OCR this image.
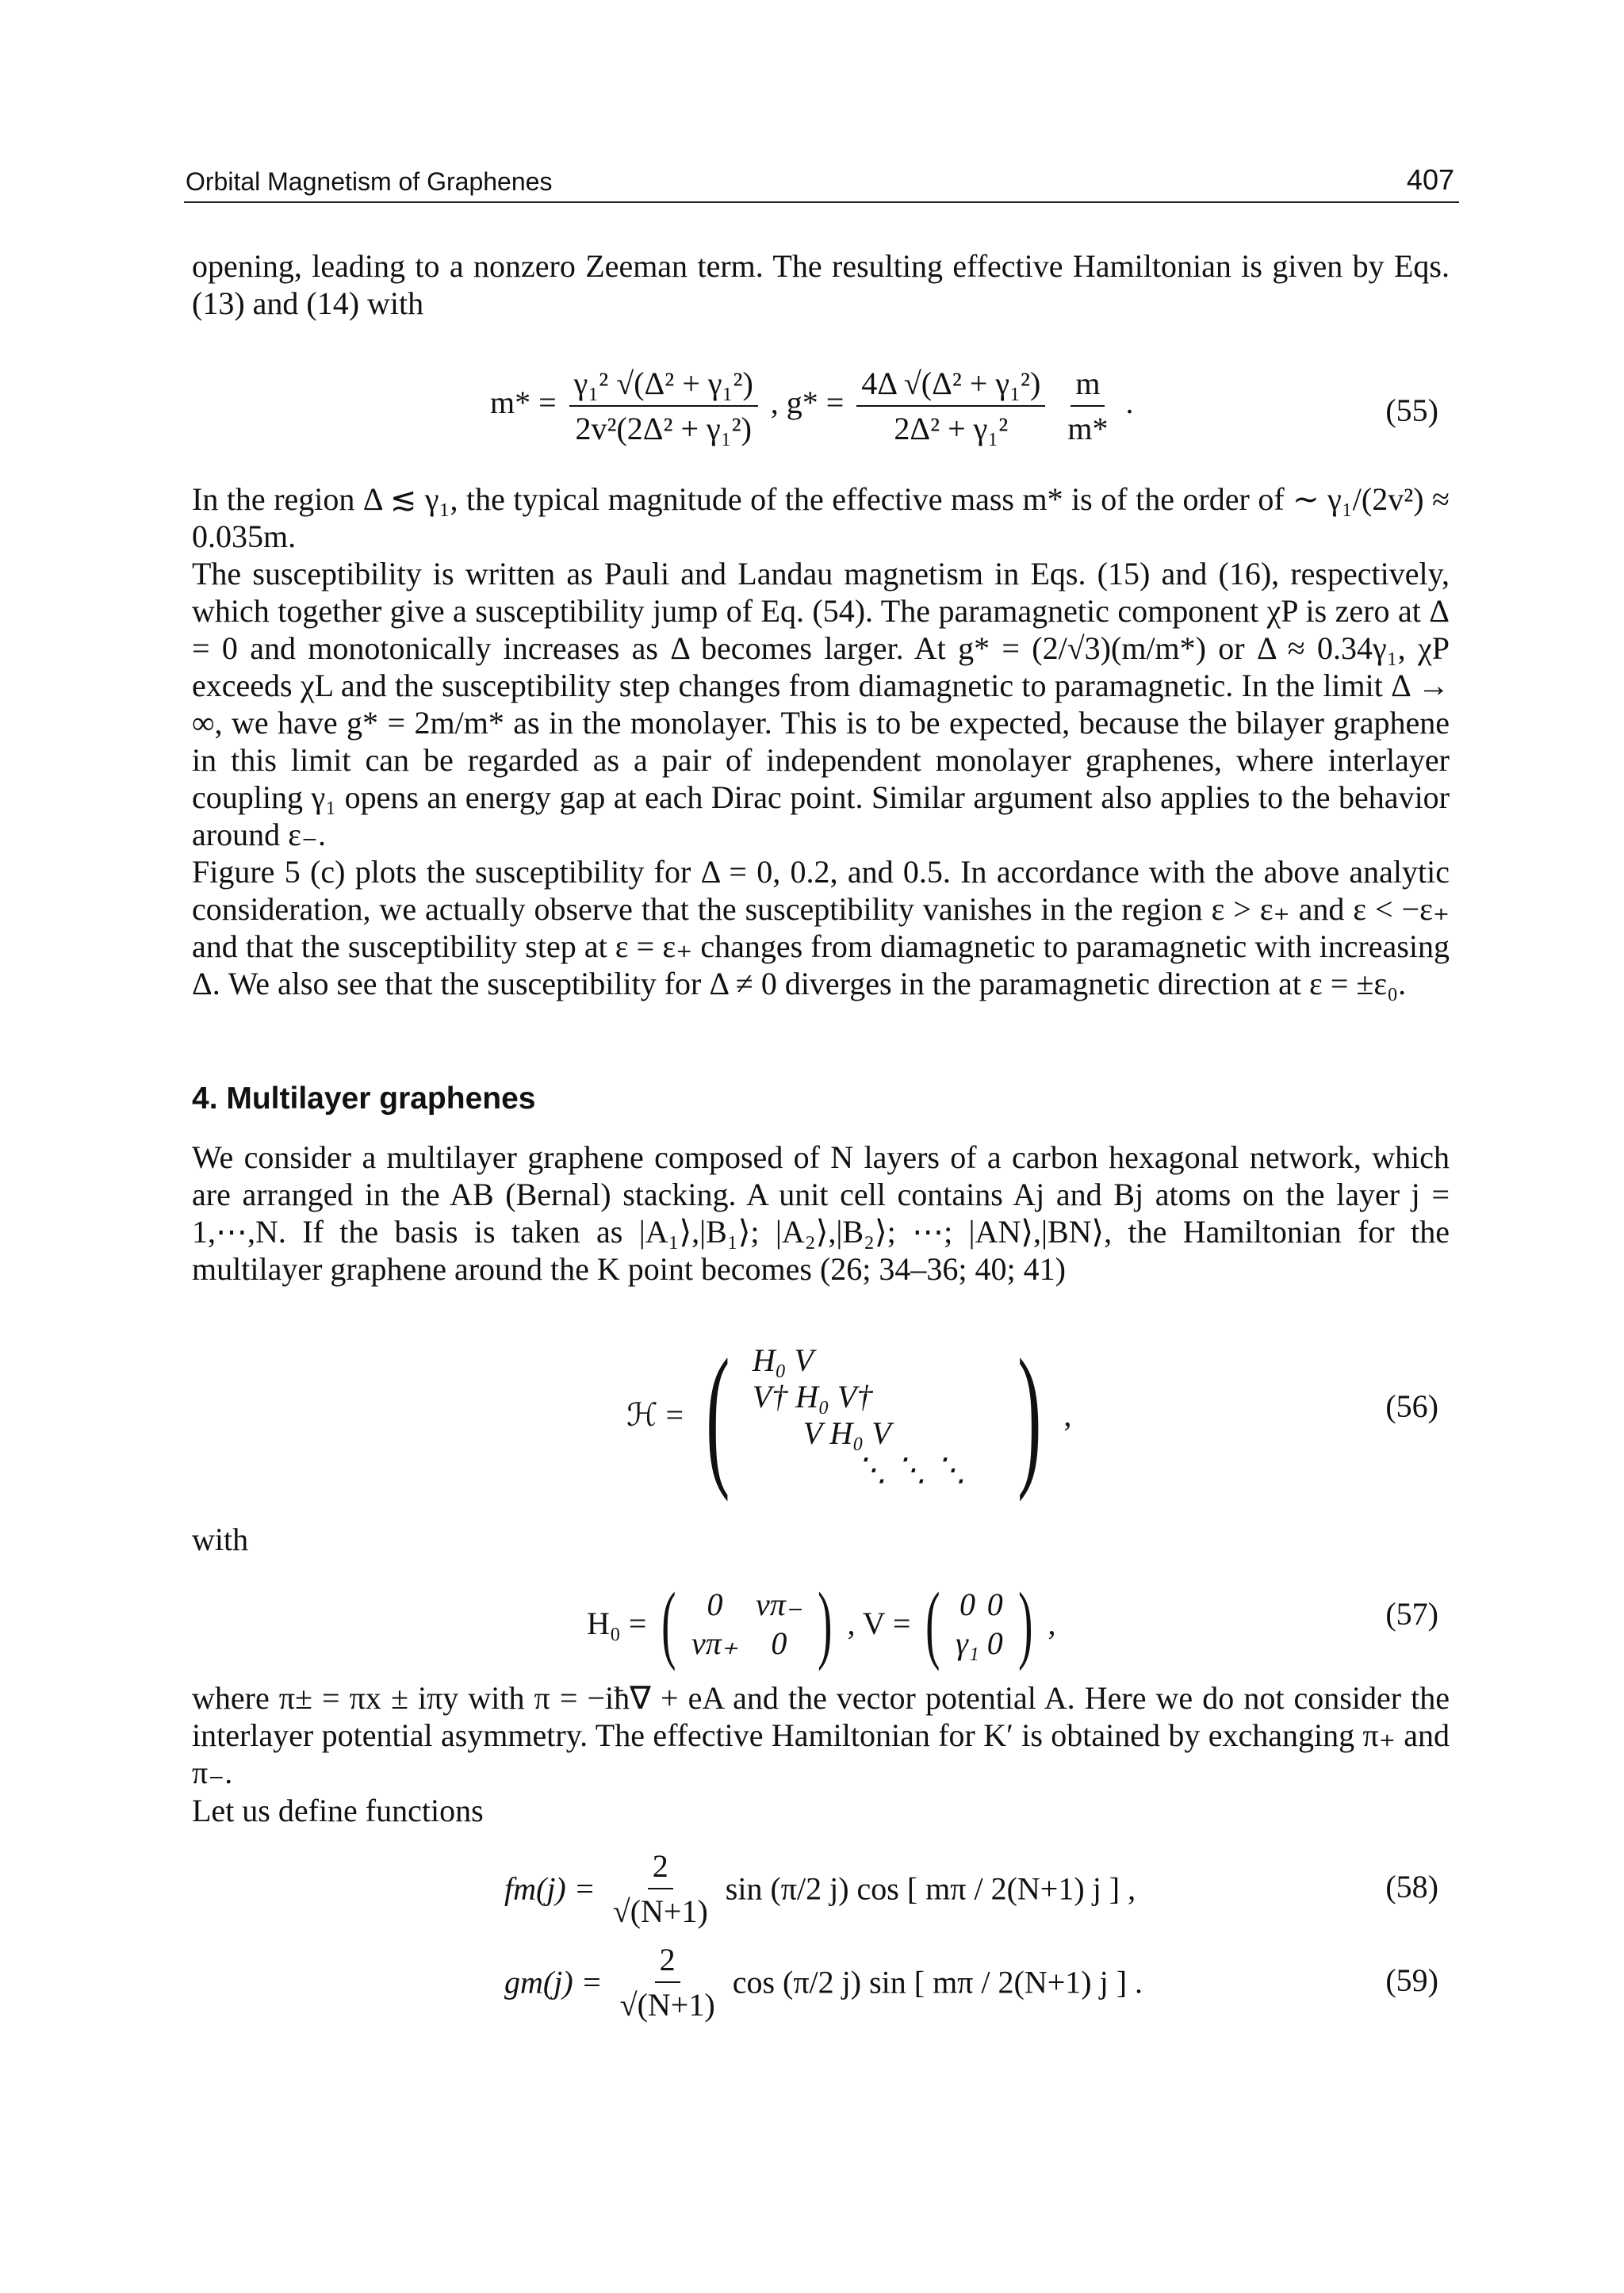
Orbital Magnetism of Graphenes	407

opening, leading to a nonzero Zeeman term. The resulting effective Hamiltonian is given by Eqs. (13) and (14) with

$m* = \frac{\text{γ₁² √(Δ² + γ₁²)}}{\text{2v²(2Δ² + γ₁²)}}$ , $g* = \frac{\text{4Δ √(Δ² + γ₁²)}}{\text{2Δ² + γ₁²}}$
$\frac{m}{m*}$ .	(55)

In the region Δ ≲ γ₁, the typical magnitude of the effective mass m* is of the order of ∼ γ₁/(2v²) ≈ 0.035m.

The susceptibility is written as Pauli and Landau magnetism in Eqs. (15) and (16), respectively, which together give a susceptibility jump of Eq. (54). The paramagnetic component χP is zero at Δ = 0 and monotonically increases as Δ becomes larger. At g* = (2/√3)(m/m*) or Δ ≈ 0.34γ₁, χP exceeds χL and the susceptibility step changes from diamagnetic to paramagnetic. In the limit Δ → ∞, we have g* = 2m/m* as in the monolayer. This is to be expected, because the bilayer graphene in this limit can be regarded as a pair of independent monolayer graphenes, where interlayer coupling γ₁ opens an energy gap at each Dirac point. Similar argument also applies to the behavior around ε₋.

Figure 5 (c) plots the susceptibility for Δ = 0, 0.2, and 0.5. In accordance with the above analytic consideration, we actually observe that the susceptibility vanishes in the region ε > ε₊ and ε < −ε₊ and that the susceptibility step at ε = ε₊ changes from diamagnetic to paramagnetic with increasing Δ. We also see that the susceptibility for Δ ≠ 0 diverges in the paramagnetic direction at ε = ±ε₀.

4. Multilayer graphenes

We consider a multilayer graphene composed of N layers of a carbon hexagonal network, which are arranged in the AB (Bernal) stacking. A unit cell contains Aj and Bj atoms on the layer j = 1,⋯,N. If the basis is taken as |A₁⟩,|B₁⟩; |A₂⟩,|B₂⟩; ⋯; |AN⟩,|BN⟩, the Hamiltonian for the multilayer graphene around the K point becomes (26; 34–36; 40; 41)

ℋ = ( H₀ V
V† H₀ V†
V H₀ V
⋱ ⋱ ⋱ ) ,	(56)

with

H₀ = ( 0	vπ₋
vπ₊	0 ) , V = ( 0 0
γ₁ 0 ) ,	(57)

where π± = πx ± iπy with π = −iħ∇ + eA and the vector potential A. Here we do not consider the interlayer potential asymmetry. The effective Hamiltonian for K′ is obtained by exchanging π₊ and π₋.

Let us define functions

$fm(j) = \frac{2}{√(N+1)}$ sin (π/2 j) cos [ mπ / 2(N+1) j ] ,	(58)
$gm(j) = \frac{2}{√(N+1)}$ cos (π/2 j) sin [ mπ / 2(N+1) j ] .	(59)
